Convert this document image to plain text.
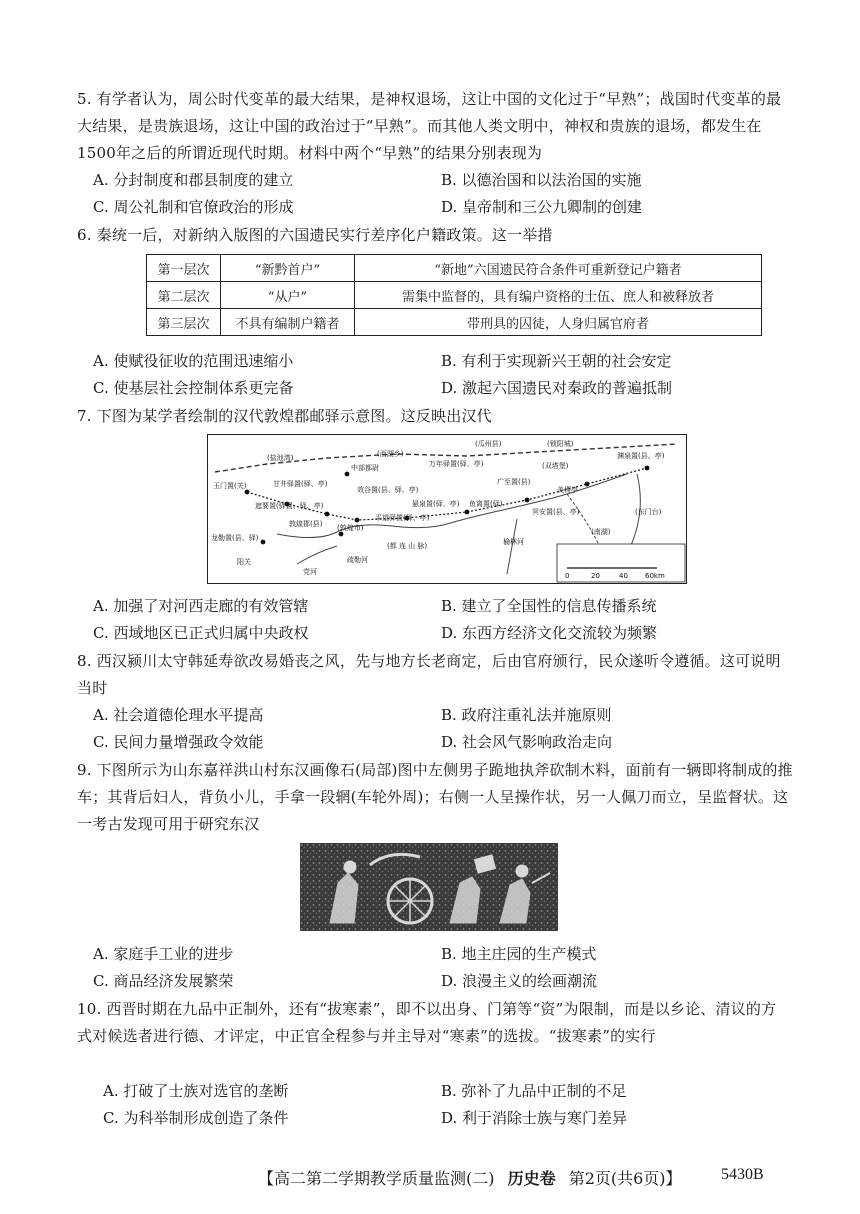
5. 有学者认为，周公时代变革的最大结果，是神权退场，这让中国的文化过于“早熟”；战国时代变革的最大结果，是贵族退场，这让中国的政治过于“早熟”。而其他人类文明中，神权和贵族的退场，都发生在1500年之后的所谓近现代时期。材料中两个“早熟”的结果分别表现为
A. 分封制度和郡县制度的建立	B. 以德治国和以法治国的实施
C. 周公礼制和官僚政治的形成	D. 皇帝制和三公九卿制的创建
6. 秦统一后，对新纳入版图的六国遗民实行差序化户籍政策。这一举措
第一层次	“新黔首户”	“新地”六国遗民符合条件可重新登记户籍者
第二层次	“从户”	需集中监督的，具有编户资格的士伍、庶人和被释放者
第三层次	不具有编制户籍者	带刑具的囚徒，人身归属官府者
A. 使赋役征收的范围迅速缩小	B. 有利于实现新兴王朝的社会安定
C. 使基层社会控制体系更完备	D. 激起六国遗民对秦政的普遍抵制
7. 下图为某学者绘制的汉代敦煌郡邮驿示意图。这反映出汉代
(盐池湾)	(西湖乡)
(瓜州县)	(锁阳城)
渊泉置(县、亭)
玉门置(关)
中部都尉	万年驿置(驿、亭)	(双塔堡)
甘井驿置(驿、亭)
效谷置(县、驿、亭)
广至置(县)
美稷亭
遮要置(驿置、驿、亭)	悬泉置(驿、亭) 鱼离置(驿)
冥安置(县、亭)	(东门台)
敦煌郡(县)
平望驿置(驿、亭)
(敦煌市)
龙勒置(县、驿)
阳关
(都 连 山 脉)
党河
疏勒河
榆林河
(南湖)
0	20	40 60km
A. 加强了对河西走廊的有效管辖	B. 建立了全国性的信息传播系统
C. 西域地区已正式归属中央政权	D. 东西方经济文化交流较为频繁
8. 西汉颍川太守韩延寿欲改易婚丧之风，先与地方长老商定，后由官府颁行，民众遂听令遵循。这可说明当时
A. 社会道德伦理水平提高	B. 政府注重礼法并施原则
C. 民间力量增强政令效能	D. 社会风气影响政治走向
9. 下图所示为山东嘉祥洪山村东汉画像石(局部)图中左侧男子跪地执斧砍制木料，面前有一辆即将制成的推车；其背后妇人，背负小儿，手拿一段辋(车轮外周)；右侧一人呈操作状，另一人佩刀而立，呈监督状。这一考古发现可用于研究东汉
A. 家庭手工业的进步	B. 地主庄园的生产模式
C. 商品经济发展繁荣	D. 浪漫主义的绘画潮流
10. 西晋时期在九品中正制外，还有“拔寒素”，即不以出身、门第等“资”为限制，而是以乡论、清议的方式对候选者进行德、才评定，中正官全程参与并主导对“寒素”的选拔。“拔寒素”的实行
A. 打破了士族对选官的垄断	B. 弥补了九品中正制的不足
C. 为科举制形成创造了条件	D. 利于消除士族与寒门差异
【高二第二学期教学质量监测(二) 历史卷 第2页(共6页)】 5430B
